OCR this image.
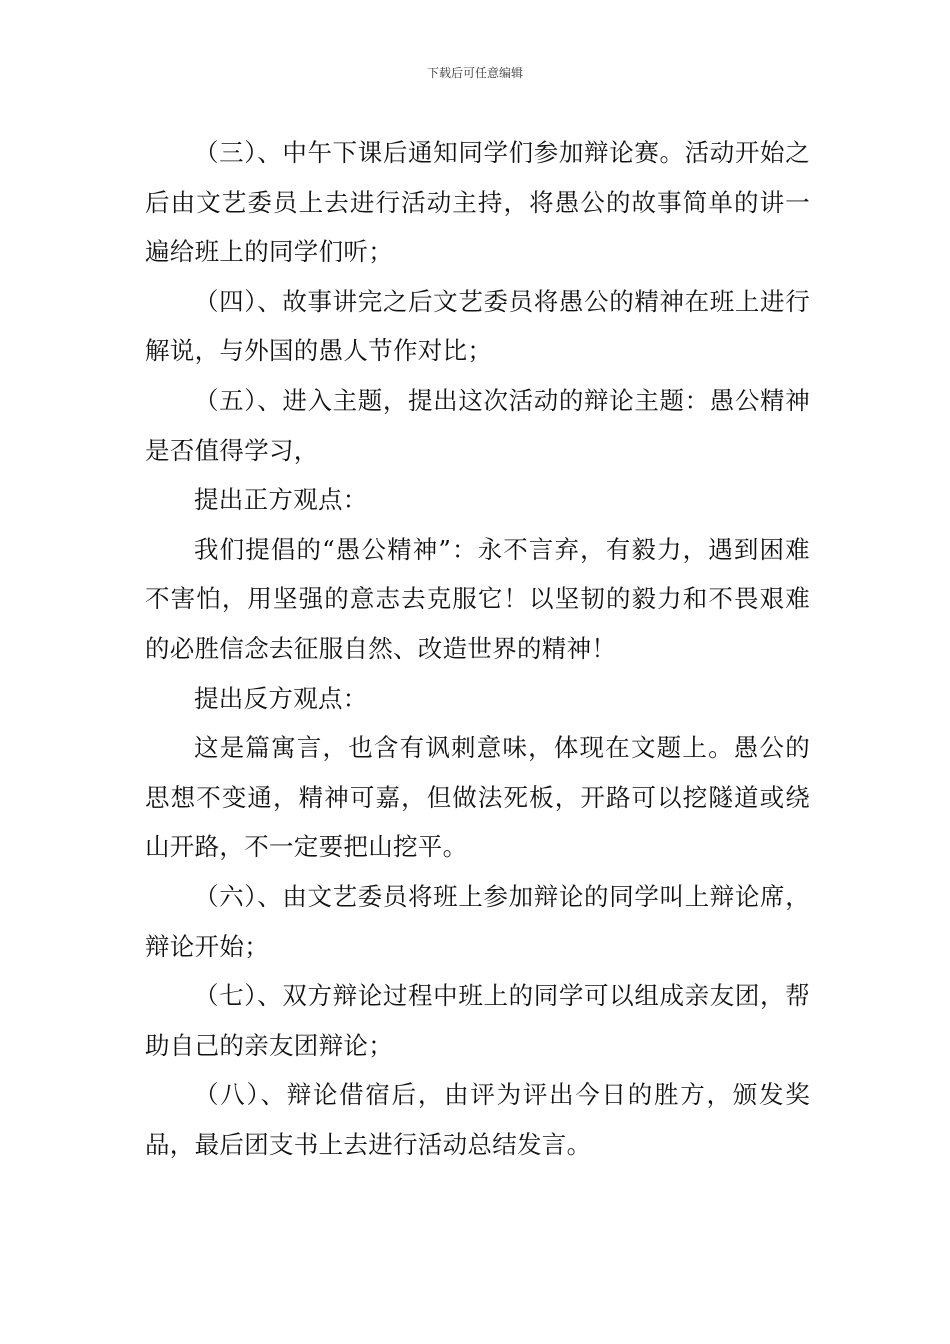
下载后可任意编辑

（三）、中午下课后通知同学们参加辩论赛。活动开始之后由文艺委员上去进行活动主持，将愚公的故事简单的讲一遍给班上的同学们听；

（四）、故事讲完之后文艺委员将愚公的精神在班上进行解说，与外国的愚人节作对比；

（五）、进入主题，提出这次活动的辩论主题：愚公精神是否值得学习，

提出正方观点：

我们提倡的“愚公精神”：永不言弃，有毅力，遇到困难不害怕，用坚强的意志去克服它！以坚韧的毅力和不畏艰难的必胜信念去征服自然、改造世界的精神！

提出反方观点：

这是篇寓言，也含有讽刺意味，体现在文题上。愚公的思想不变通，精神可嘉，但做法死板，开路可以挖隧道或绕山开路，不一定要把山挖平。

（六）、由文艺委员将班上参加辩论的同学叫上辩论席，辩论开始；

（七）、双方辩论过程中班上的同学可以组成亲友团，帮助自己的亲友团辩论；

（八）、辩论借宿后，由评为评出今日的胜方，颁发奖品，最后团支书上去进行活动总结发言。
